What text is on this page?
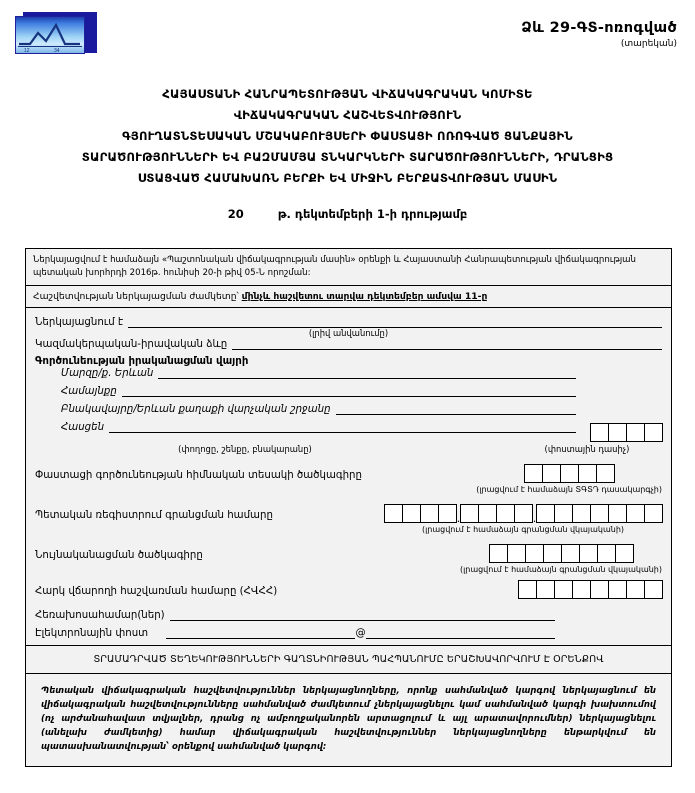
12	34
Ձև 29-ԳՏ-ոռոգված
(տարեկան)
ՀԱՅԱՍՏԱՆԻ ՀԱՆՐԱՊԵՏՈՒԹՅԱՆ ՎԻՃԱԿԱԳՐԱԿԱՆ ԿՈՄԻՏԵ
ՎԻՃԱԿԱԳՐԱԿԱՆ ՀԱՇՎԵՏՎՈՒԹՅՈՒՆ
ԳՅՈՒՂԱՏՆՏԵՍԱԿԱՆ ՄՇԱԿԱԲՈՒՅՍԵՐԻ ՓԱՍՏԱՑԻ ՈՌՈԳՎԱԾ ՑԱՆՔԱՅԻՆ
ՏԱՐԱԾՈՒԹՅՈՒՆՆԵՐԻ ԵՎ ԲԱԶՄԱՄՅԱ ՏՆԿԱՐԿՆԵՐԻ ՏԱՐԱԾՈՒԹՅՈՒՆՆԵՐԻ, ԴՐԱՆՑԻՑ
ՍՏԱՑՎԱԾ ՀԱՄԱԽԱՌՆ ԲԵՐՔԻ ԵՎ ՄԻՋԻՆ ԲԵՐՔԱՏՎՈՒԹՅԱՆ ՄԱՍԻՆ
20	թ. դեկտեմբերի 1-ի դրությամբ

Ներկայացվում է համաձայն «Պաշտոնական վիճակագրության մասին» օրենքի և Հայաստանի Հանրապետության վիճակագրության պետական խորհրդի 2016թ. հունիսի 20-ի թիվ 05-Ն որոշման:

Հաշվետվության ներկայացման ժամկետը՝ մինչև հաշվետու տարվա դեկտեմբեր ամսվա 11-ը

Ներկայացնում է
(լրիվ անվանումը)
Կազմակերպական-իրավական ձևը
Գործունեության իրականացման վայրի
Մարզը/ք. Երևան
Համայնքը
Բնակավայրը/Երևան քաղաքի վարչական շրջանը
Հասցեն
(փողոցը, շենքը, բնակարանը)	(փոստային դասիչ)
Փաստացի գործունեության հիմնական տեսակի ծածկագիրը
(լրացվում է համաձայն ՏԳՏԴ դասակարգչի)
Պետական ռեգիստրում գրանցման համարը	.	.
(լրացվում է համաձայն գրանցման վկայականի)
Նույնականացման ծածկագիրը
(լրացվում է համաձայն գրանցման վկայականի)
Հարկ վճարողի հաշվառման համարը (ՀՎՀՀ)
Հեռախոսահամար(ներ)
Էլեկտրոնային փոստ	@
ՏՐԱՄԱԴՐՎԱԾ ՏԵՂԵԿՈՒԹՅՈՒՆՆԵՐԻ ԳԱՂՏՆԻՈՒԹՅԱՆ ՊԱՀՊԱՆՈՒՄԸ ԵՐԱՇԽԱՎՈՐՎՈՒՄ Է ՕՐԵՆՔՈՎ
Պետական վիճակագրական հաշվետվություններ ներկայացնողները, որոնք սահմանված կարգով ներկայացնում են վիճակագրական հաշվետվությունները սահմանված ժամկետում չներկայացնելու կամ սահմանված կարգի խախտումով (ոչ արժանահավատ տվյալներ, դրանց ոչ ամբողջականորեն արտացոլում և այլ արատավորումներ) ներկայացնելու (անելախ ժամկետից) համար վիճակագրական հաշվետվություններ ներկայացնողները ենթարկվում են պատասխանատվության՝ օրենքով սահմանված կարգով:
